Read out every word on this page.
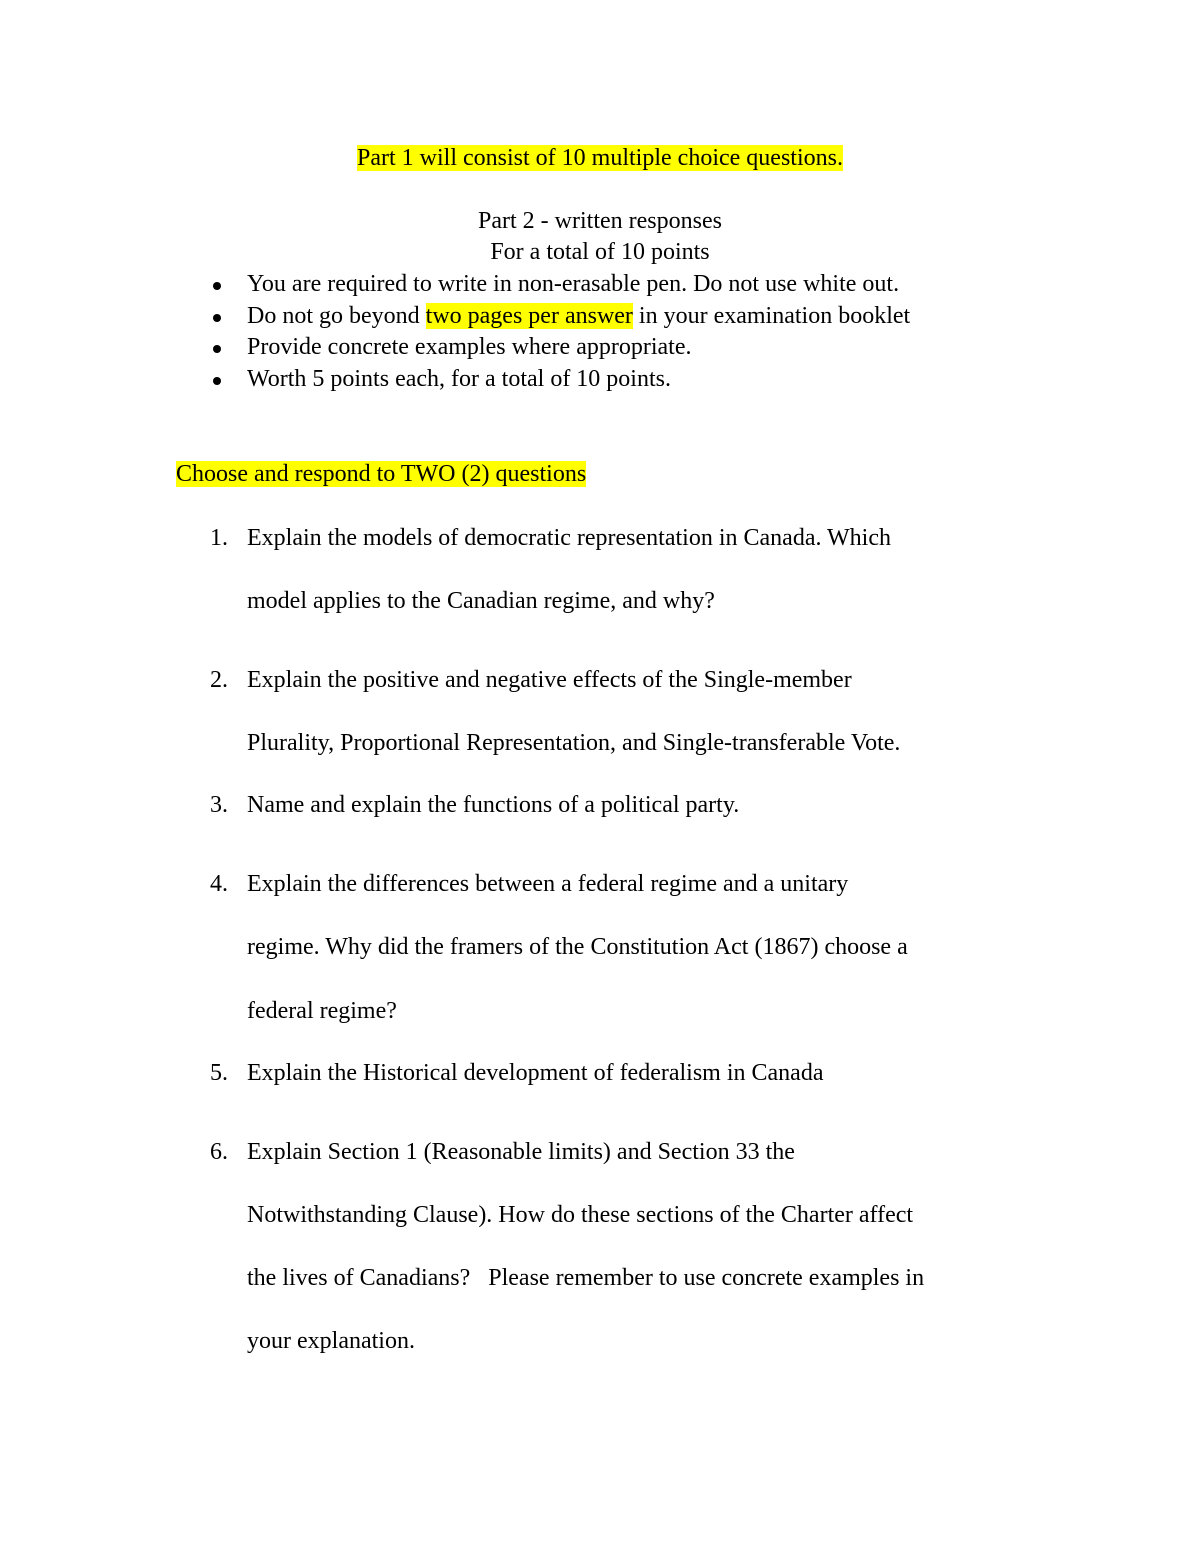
Part 1 will consist of 10 multiple choice questions.
Part 2 - written responses
For a total of 10 points
You are required to write in non-erasable pen. Do not use white out.
Do not go beyond two pages per answer in your examination booklet
Provide concrete examples where appropriate.
Worth 5 points each, for a total of 10 points.
Choose and respond to TWO (2) questions
1. Explain the models of democratic representation in Canada. Which
model applies to the Canadian regime, and why?
2. Explain the positive and negative effects of the Single-member
Plurality, Proportional Representation, and Single-transferable Vote.
3. Name and explain the functions of a political party.
4. Explain the differences between a federal regime and a unitary
regime. Why did the framers of the Constitution Act (1867) choose a
federal regime?
5. Explain the Historical development of federalism in Canada
6. Explain Section 1 (Reasonable limits) and Section 33 the
Notwithstanding Clause). How do these sections of the Charter affect
the lives of Canadians?   Please remember to use concrete examples in
your explanation.
